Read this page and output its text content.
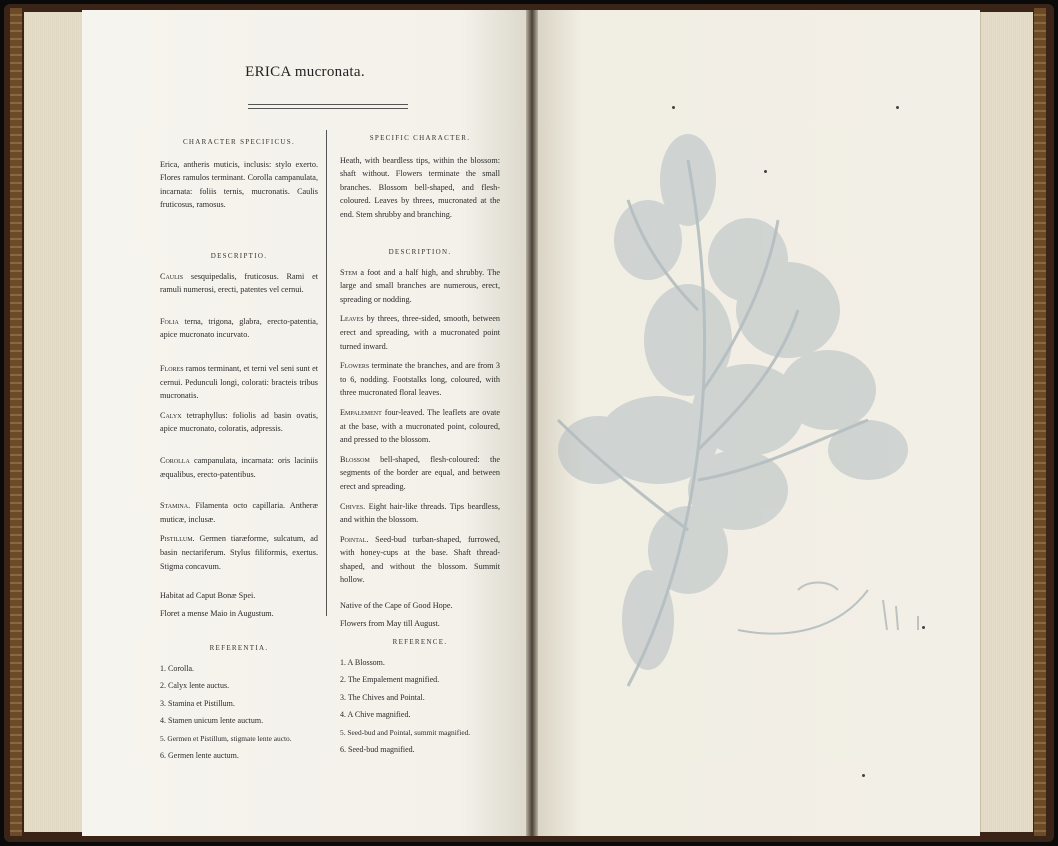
ERICA mucronata.
CHARACTER SPECIFICUS.
Erica, antheris muticis, inclusis: stylo exerto. Flores ramulos terminant. Corolla campanulata, incarnata: foliis ternis, mucronatis. Caulis fruticosus, ramosus.
DESCRIPTIO.
Caulis sesquipedalis, fruticosus. Rami et ramuli numerosi, erecti, patentes vel cernui.
Folia terna, trigona, glabra, erecto-patentia, apice mucronato incurvato.
Flores ramos terminant, et terni vel seni sunt et cernui. Pedunculi longi, colorati: bracteis tribus mucronatis.
Calyx tetraphyllus: foliolis ad basin ovatis, apice mucronato, coloratis, adpressis.
Corolla campanulata, incarnata: oris laciniis æqualibus, erecto-patentibus.
Stamina. Filamenta octo capillaria. Antheræ muticæ, inclusæ.
Pistillum. Germen tiaræforme, sulcatum, ad basin nectariferum. Stylus filiformis, exertus. Stigma concavum.
Habitat ad Caput Bonæ Spei.
Floret a mense Maio in Augustum.
REFERENTIA.
1. Corolla.
2. Calyx lente auctus.
3. Stamina et Pistillum.
4. Stamen unicum lente auctum.
5. Germen et Pistillum, stigmate lente aucto.
6. Germen lente auctum.
SPECIFIC CHARACTER.
Heath, with beardless tips, within the blossom: shaft without. Flowers terminate the small branches. Blossom bell-shaped, and flesh-coloured. Leaves by threes, mucronated at the end. Stem shrubby and branching.
DESCRIPTION.
Stem a foot and a half high, and shrubby. The large and small branches are numerous, erect, spreading or nodding.
Leaves by threes, three-sided, smooth, between erect and spreading, with a mucronated point turned inward.
Flowers terminate the branches, and are from 3 to 6, nodding. Footstalks long, coloured, with three mucronated floral leaves.
Empalement four-leaved. The leaflets are ovate at the base, with a mucronated point, coloured, and pressed to the blossom.
Blossom bell-shaped, flesh-coloured: the segments of the border are equal, and between erect and spreading.
Chives. Eight hair-like threads. Tips beardless, and within the blossom.
Pointal. Seed-bud turban-shaped, furrowed, with honey-cups at the base. Shaft thread-shaped, and without the blossom. Summit hollow.
Native of the Cape of Good Hope.
Flowers from May till August.
REFERENCE.
1. A Blossom.
2. The Empalement magnified.
3. The Chives and Pointal.
4. A Chive magnified.
5. Seed-bud and Pointal, summit magnified.
6. Seed-bud magnified.
